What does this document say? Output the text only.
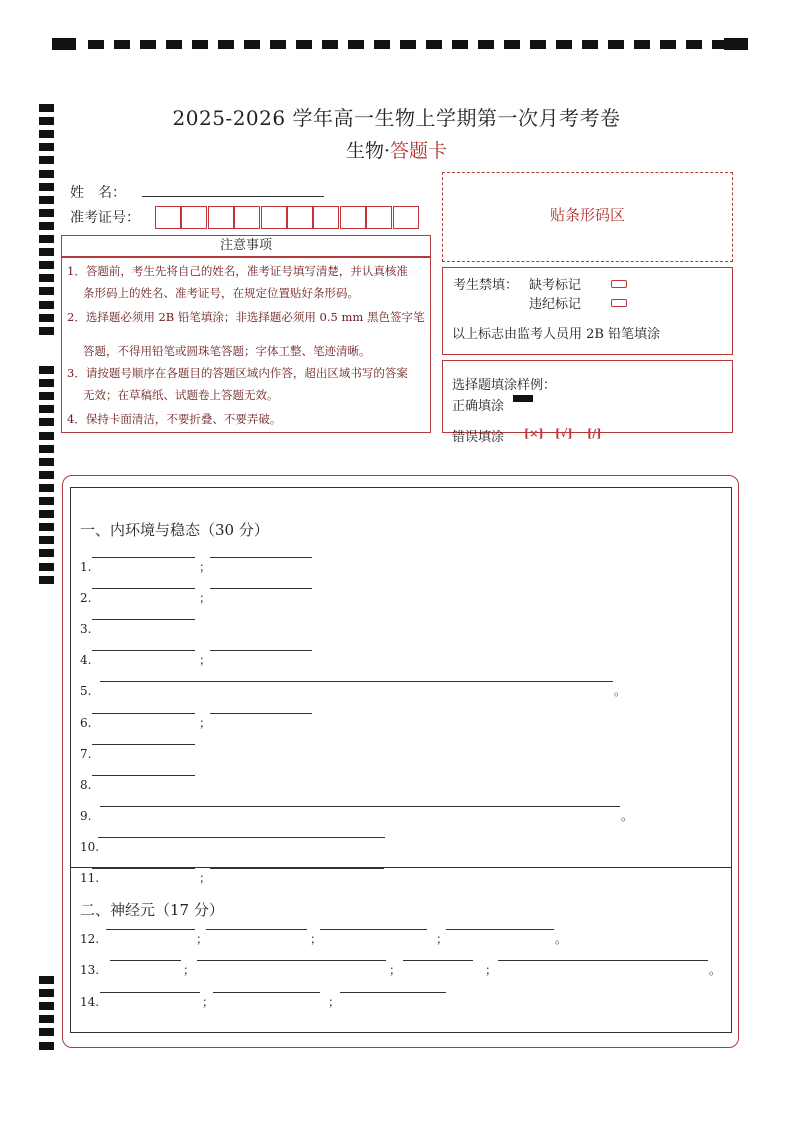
2025-2026 学年高一生物上学期第一次月考考卷
生物·答题卡
姓　名：
准考证号：	贴条形码区
注意事项
1．答题前，考生先将自己的姓名，准考证号填写清楚，并认真核准
条形码上的姓名、准考证号，在规定位置贴好条形码。
2．选择题必须用 2B 铅笔填涂；非选择题必须用 0.5 mm 黑色签字笔
答题，不得用铅笔或圆珠笔答题；字体工整、笔迹清晰。
3．请按题号顺序在各题目的答题区域内作答，超出区域书写的答案
无效；在草稿纸、试题卷上答题无效。
4．保持卡面清洁，不要折叠、不要弄破。
考生禁填： 缺考标记
违纪标记
以上标志由监考人员用 2B 铅笔填涂
选择题填涂样例：
正确填涂
错误填涂 [×] [√] [/]
一、内环境与稳态（30 分）
二、神经元（17 分）
1.	；
2.	；
3.
4.	；
5.	。
6.	；
7.
8.
9.	。
10.
11.	；
12.	；	；	；	。
13.	；	；	；	。
14.	；	；
